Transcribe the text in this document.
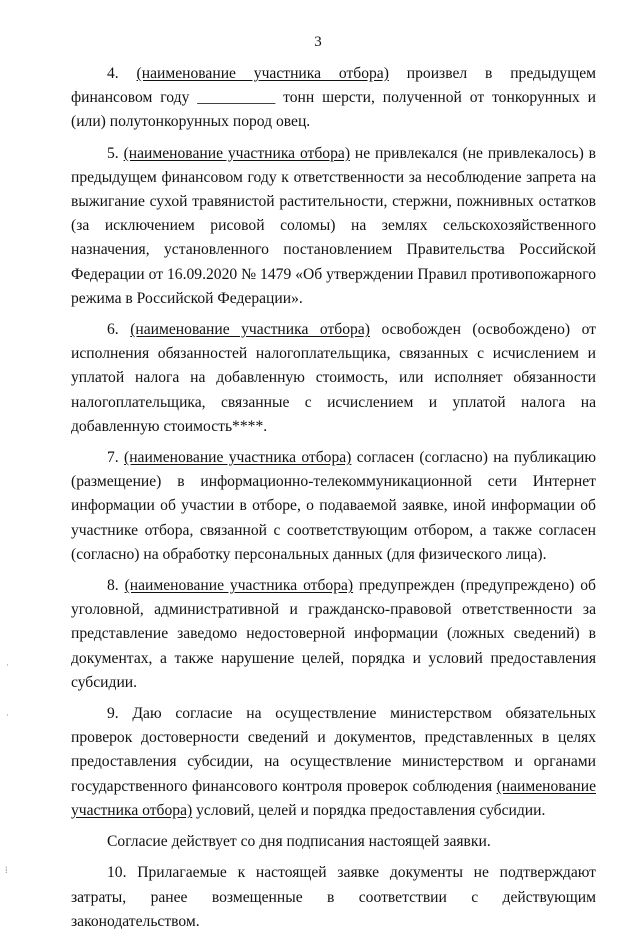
3

4. (наименование участника отбора) произвел в предыдущем финансовом году __________ тонн шерсти, полученной от тонкорунных и (или) полутонкорунных пород овец.

5. (наименование участника отбора) не привлекался (не привлекалось) в предыдущем финансовом году к ответственности за несоблюдение запрета на выжигание сухой травянистой растительности, стержни, пожнивных остатков (за исключением рисовой соломы) на землях сельскохозяйственного назначения, установленного постановлением Правительства Российской Федерации от 16.09.2020 № 1479 «Об утверждении Правил противопожарного режима в Российской Федерации».

6. (наименование участника отбора) освобожден (освобождено) от исполнения обязанностей налогоплательщика, связанных с исчислением и уплатой налога на добавленную стоимость, или исполняет обязанности налогоплательщика, связанные с исчислением и уплатой налога на добавленную стоимость****.

7. (наименование участника отбора) согласен (согласно) на публикацию (размещение) в информационно-телекоммуникационной сети Интернет информации об участии в отборе, о подаваемой заявке, иной информации об участнике отбора, связанной с соответствующим отбором, а также согласен (согласно) на обработку персональных данных (для физического лица).

8. (наименование участника отбора) предупрежден (предупреждено) об уголовной, административной и гражданско-правовой ответственности за представление заведомо недостоверной информации (ложных сведений) в документах, а также нарушение целей, порядка и условий предоставления субсидии.

9. Даю согласие на осуществление министерством обязательных проверок достоверности сведений и документов, представленных в целях предоставления субсидии, на осуществление министерством и органами государственного финансового контроля проверок соблюдения (наименование участника отбора) условий, целей и порядка предоставления субсидии.

Согласие действует со дня подписания настоящей заявки.

10. Прилагаемые к настоящей заявке документы не подтверждают затраты, ранее возмещенные в соответствии с действующим законодательством.

·
·
⁞
